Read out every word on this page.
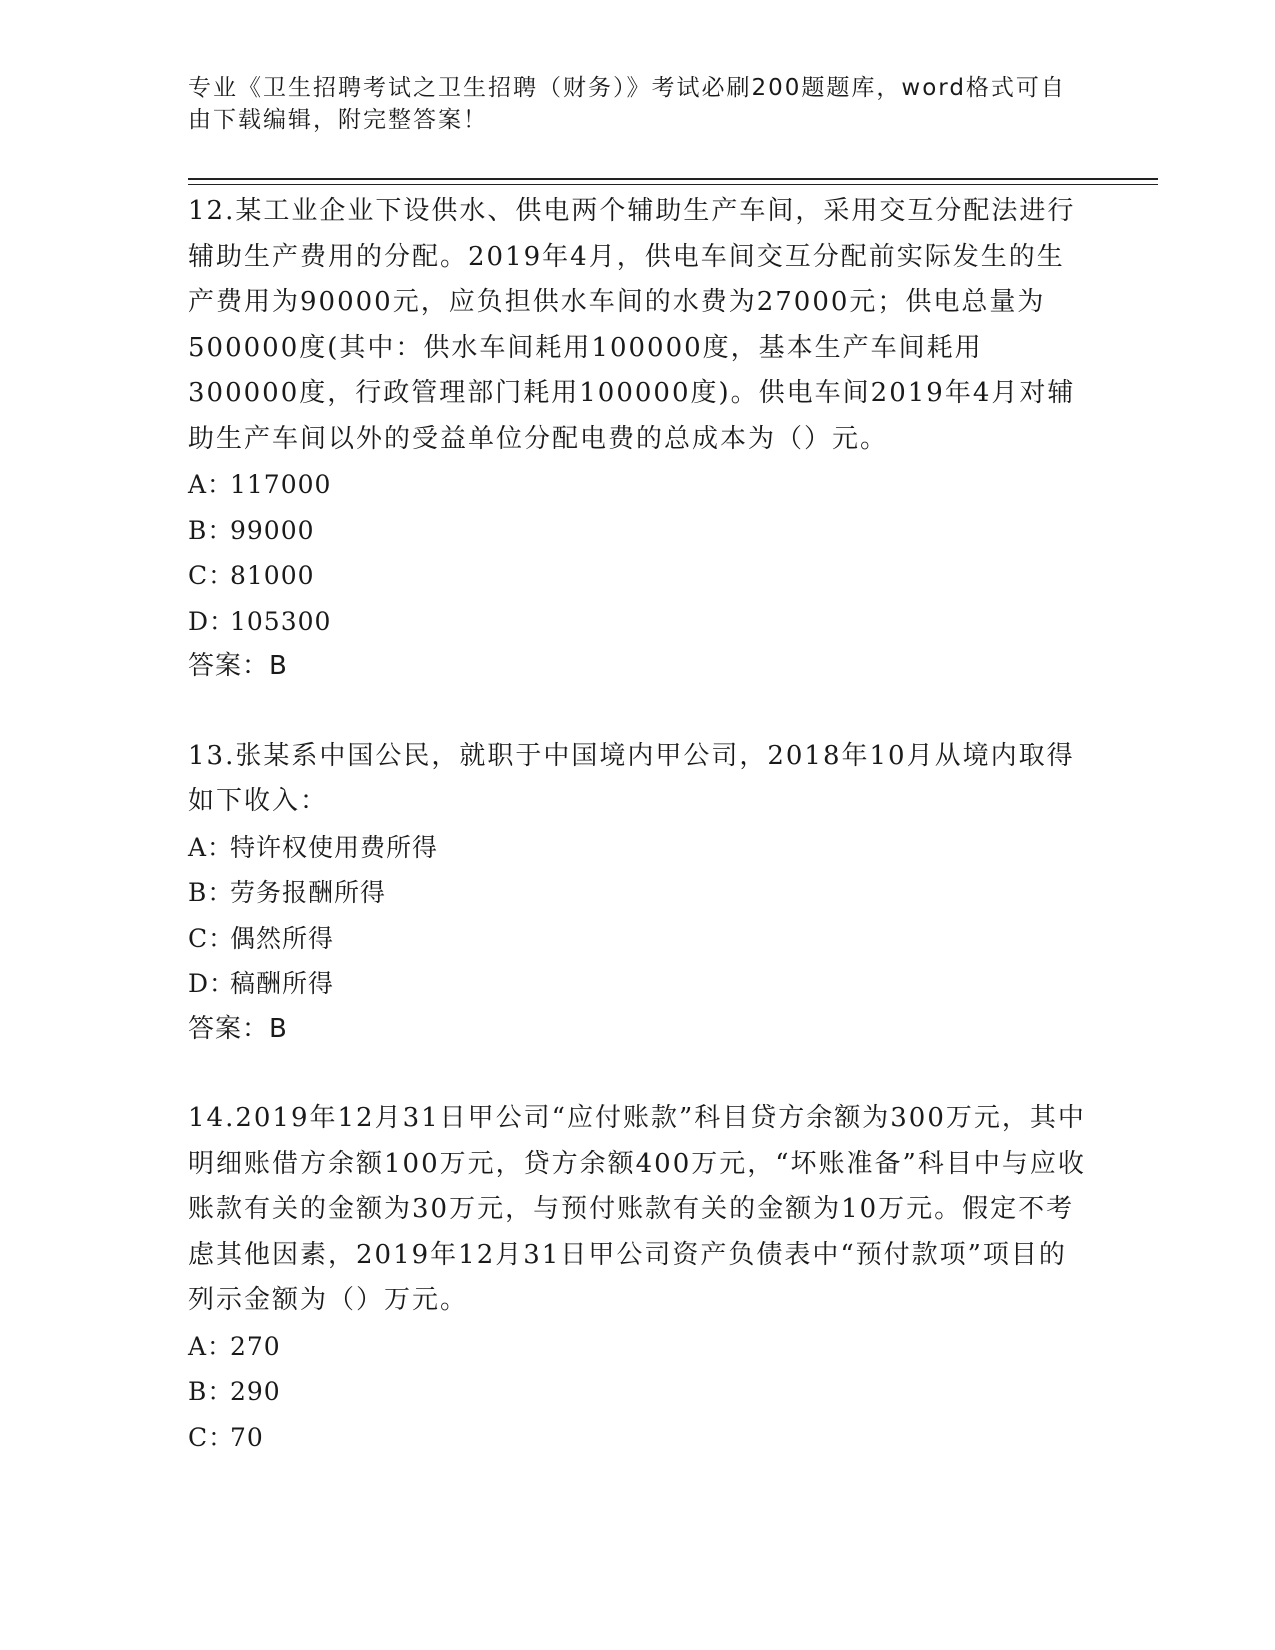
专业《卫生招聘考试之卫生招聘（财务）》考试必刷200题题库，word格式可自由下载编辑，附完整答案！

12.某工业企业下设供水、供电两个辅助生产车间，采用交互分配法进行辅助生产费用的分配。2019年4月，供电车间交互分配前实际发生的生产费用为90000元，应负担供水车间的水费为27000元；供电总量为500000度(其中：供水车间耗用100000度，基本生产车间耗用300000度，行政管理部门耗用100000度)。供电车间2019年4月对辅助生产车间以外的受益单位分配电费的总成本为（）元。

A：
117000
B：
99000
C：
81000
D：
105300

答案：B

13.张某系中国公民，就职于中国境内甲公司，2018年10月从境内取得如下收入：

A：
特许权使用费所得
B：
劳务报酬所得
C：
偶然所得
D：
稿酬所得

答案：B

14.2019年12月31日甲公司“应付账款”科目贷方余额为300万元，其中明细账借方余额100万元，贷方余额400万元，“坏账准备”科目中与应收账款有关的金额为30万元，与预付账款有关的金额为10万元。假定不考虑其他因素，2019年12月31日甲公司资产负债表中“预付款项”项目的列示金额为（）万元。

A：
270
B：
290
C：
70
